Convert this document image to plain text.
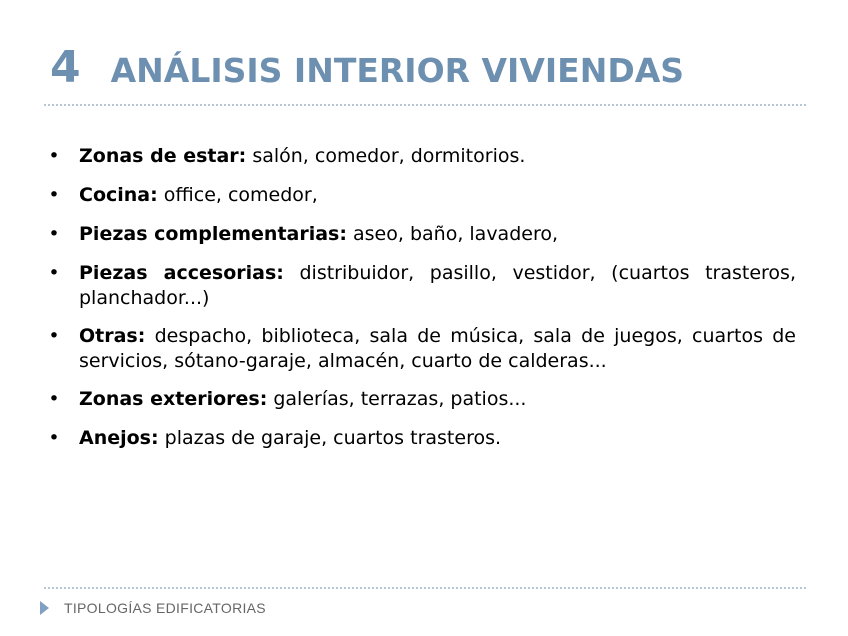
4 ANÁLISIS INTERIOR VIVIENDAS
• Zonas de estar: salón, comedor, dormitorios.
• Cocina: office, comedor,
• Piezas complementarias: aseo, baño, lavadero,
• Piezas accesorias: distribuidor, pasillo, vestidor, (cuartos trasteros, planchador...)
• Otras: despacho, biblioteca, sala de música, sala de juegos, cuartos de servicios, sótano-garaje, almacén, cuarto de calderas...
• Zonas exteriores: galerías, terrazas, patios...
• Anejos: plazas de garaje, cuartos trasteros.
TIPOLOGÍAS EDIFICATORIAS
